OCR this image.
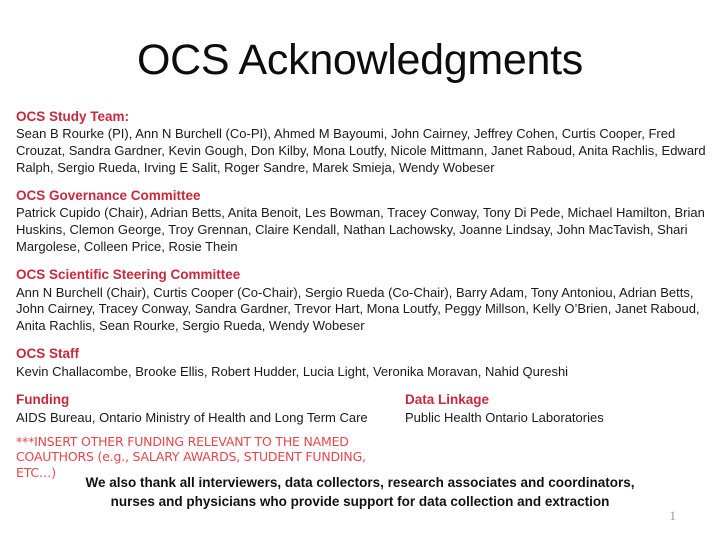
OCS Acknowledgments
OCS Study Team:
Sean B Rourke (PI), Ann N Burchell (Co-PI), Ahmed M Bayoumi, John Cairney, Jeffrey Cohen, Curtis Cooper, Fred Crouzat, Sandra Gardner, Kevin Gough, Don Kilby, Mona Loutfy, Nicole Mittmann, Janet Raboud, Anita Rachlis, Edward Ralph, Sergio Rueda, Irving E Salit, Roger Sandre, Marek Smieja, Wendy Wobeser
OCS Governance Committee
Patrick Cupido (Chair), Adrian Betts, Anita Benoit, Les Bowman, Tracey Conway, Tony Di Pede, Michael Hamilton, Brian Huskins, Clemon George, Troy Grennan, Claire Kendall, Nathan Lachowsky, Joanne Lindsay, John MacTavish, Shari Margolese, Colleen Price, Rosie Thein
OCS Scientific Steering Committee
Ann N Burchell (Chair), Curtis Cooper (Co-Chair), Sergio Rueda (Co-Chair), Barry Adam, Tony Antoniou, Adrian Betts, John Cairney, Tracey Conway, Sandra Gardner, Trevor Hart, Mona Loutfy, Peggy Millson, Kelly O’Brien, Janet Raboud, Anita Rachlis, Sean Rourke, Sergio Rueda, Wendy Wobeser
OCS Staff
Kevin Challacombe, Brooke Ellis, Robert Hudder, Lucia Light, Veronika Moravan, Nahid Qureshi
Funding
AIDS Bureau, Ontario Ministry of Health and Long Term Care
***INSERT OTHER FUNDING RELEVANT TO THE NAMED COAUTHORS (e.g., SALARY AWARDS, STUDENT FUNDING, ETC…)
Data Linkage
Public Health Ontario Laboratories
We also thank all interviewers, data collectors, research associates and coordinators,
nurses and physicians who provide support for data collection and extraction
1
